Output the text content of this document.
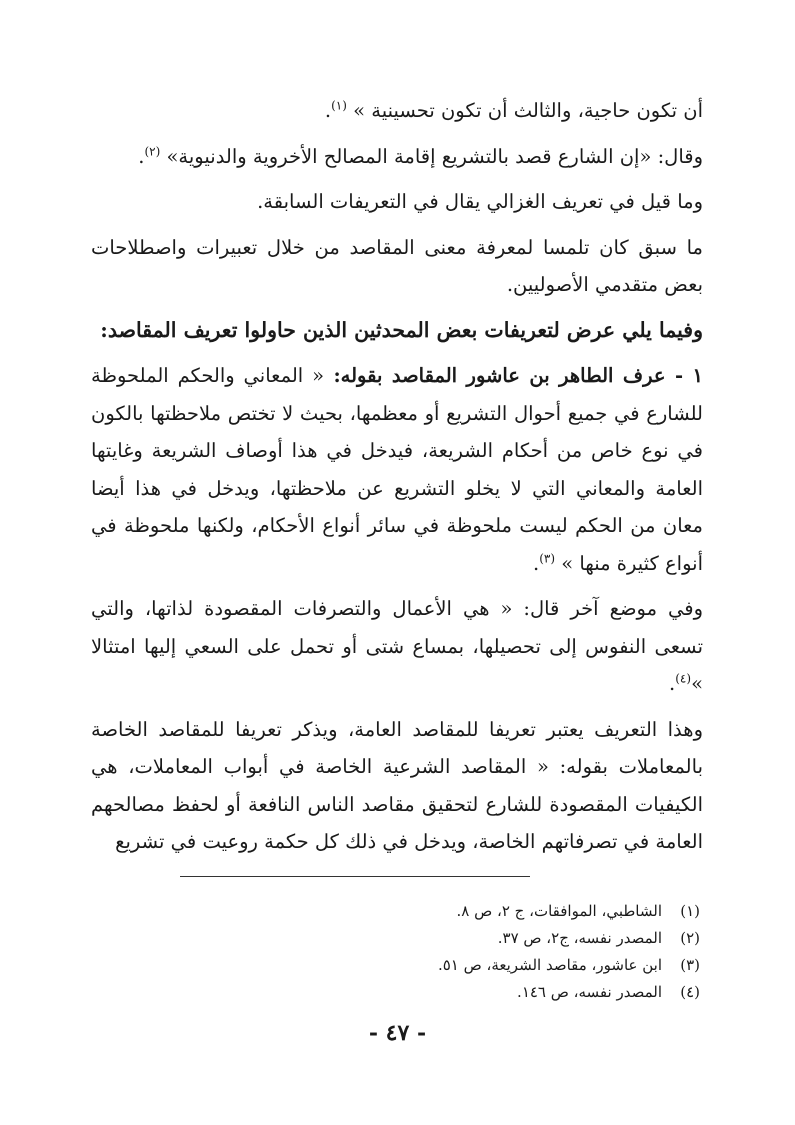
أن تكون حاجية، والثالث أن تكون تحسينية » $^{(١)}$.

وقال: «إن الشارع قصد بالتشريع إقامة المصالح الأخروية والدنيوية» $^{(٢)}$.

وما قيل في تعريف الغزالي يقال في التعريفات السابقة.

ما سبق كان تلمسا لمعرفة معنى المقاصد من خلال تعبيرات واصطلاحات بعض متقدمي الأصوليين.

وفيما يلي عرض لتعريفات بعض المحدثين الذين حاولوا تعريف المقاصد:

١ - عرف الطاهر بن عاشور المقاصد بقوله: « المعاني والحكم الملحوظة للشارع في جميع أحوال التشريع أو معظمها، بحيث لا تختص ملاحظتها بالكون في نوع خاص من أحكام الشريعة، فيدخل في هذا أوصاف الشريعة وغايتها العامة والمعاني التي لا يخلو التشريع عن ملاحظتها، ويدخل في هذا أيضا معان من الحكم ليست ملحوظة في سائر أنواع الأحكام، ولكنها ملحوظة في أنواع كثيرة منها » $^{(٣)}$.

وفي موضع آخر قال: « هي الأعمال والتصرفات المقصودة لذاتها، والتي تسعى النفوس إلى تحصيلها، بمساع شتى أو تحمل على السعي إليها امتثالا »$^{(٤)}$.

وهذا التعريف يعتبر تعريفا للمقاصد العامة، ويذكر تعريفا للمقاصد الخاصة بالمعاملات بقوله: « المقاصد الشرعية الخاصة في أبواب المعاملات، هي الكيفيات المقصودة للشارع لتحقيق مقاصد الناس النافعة أو لحفظ مصالحهم العامة في تصرفاتهم الخاصة، ويدخل في ذلك كل حكمة روعيت في تشريع

(١)
الشاطبي، الموافقات، ج ٢، ص ٨.
(٢)
المصدر نفسه، ج٢، ص ٣٧.
(٣)
ابن عاشور، مقاصد الشريعة، ص ٥١.
(٤)
المصدر نفسه، ص ١٤٦.
- ٤٧ -
